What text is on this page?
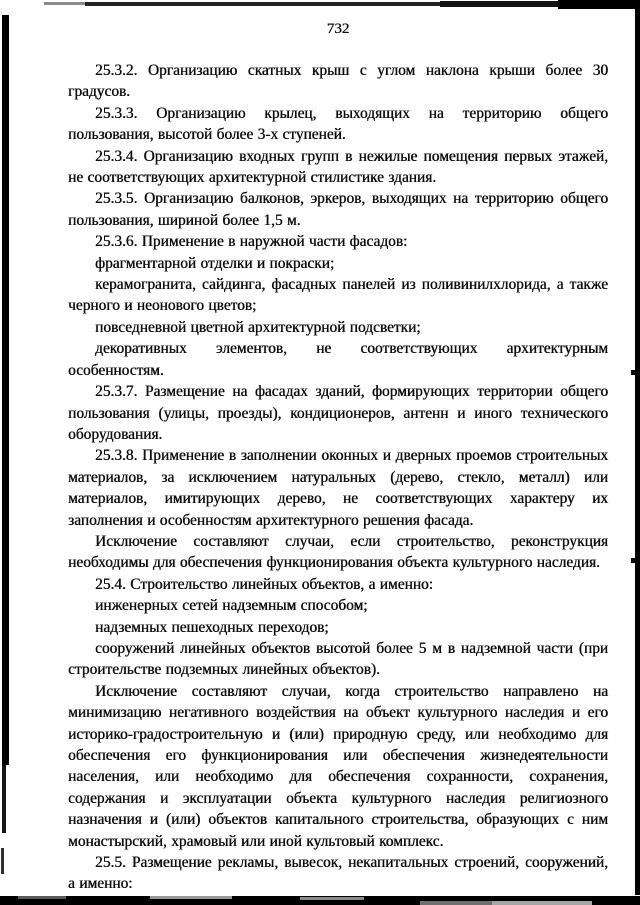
732

25.3.2. Организацию скатных крыш с углом наклона крыши более 30 градусов.

25.3.3. Организацию крылец, выходящих на территорию общего пользования, высотой более 3-х ступеней.

25.3.4. Организацию входных групп в нежилые помещения первых этажей, не соответствующих архитектурной стилистике здания.

25.3.5. Организацию балконов, эркеров, выходящих на территорию общего пользования, шириной более 1,5 м.

25.3.6. Применение в наружной части фасадов:

фрагментарной отделки и покраски;

керамогранита, сайдинга, фасадных панелей из поливинилхлорида, а также черного и неонового цветов;

повседневной цветной архитектурной подсветки;

декоративных элементов, не соответствующих архитектурным особенностям.

25.3.7. Размещение на фасадах зданий, формирующих территории общего пользования (улицы, проезды), кондиционеров, антенн и иного технического оборудования.

25.3.8. Применение в заполнении оконных и дверных проемов строительных материалов, за исключением натуральных (дерево, стекло, металл) или материалов, имитирующих дерево, не соответствующих характеру их заполнения и особенностям архитектурного решения фасада.

Исключение составляют случаи, если строительство, реконструкция необходимы для обеспечения функционирования объекта культурного наследия.

25.4. Строительство линейных объектов, а именно:

инженерных сетей надземным способом;

надземных пешеходных переходов;

сооружений линейных объектов высотой более 5 м в надземной части (при строительстве подземных линейных объектов).

Исключение составляют случаи, когда строительство направлено на минимизацию негативного воздействия на объект культурного наследия и его историко-градостроительную и (или) природную среду, или необходимо для обеспечения его функционирования или обеспечения жизнедеятельности населения, или необходимо для обеспечения сохранности, сохранения, содержания и эксплуатации объекта культурного наследия религиозного назначения и (или) объектов капитального строительства, образующих с ним монастырский, храмовый или иной культовый комплекс.

25.5. Размещение рекламы, вывесок, некапитальных строений, сооружений, а именно:
